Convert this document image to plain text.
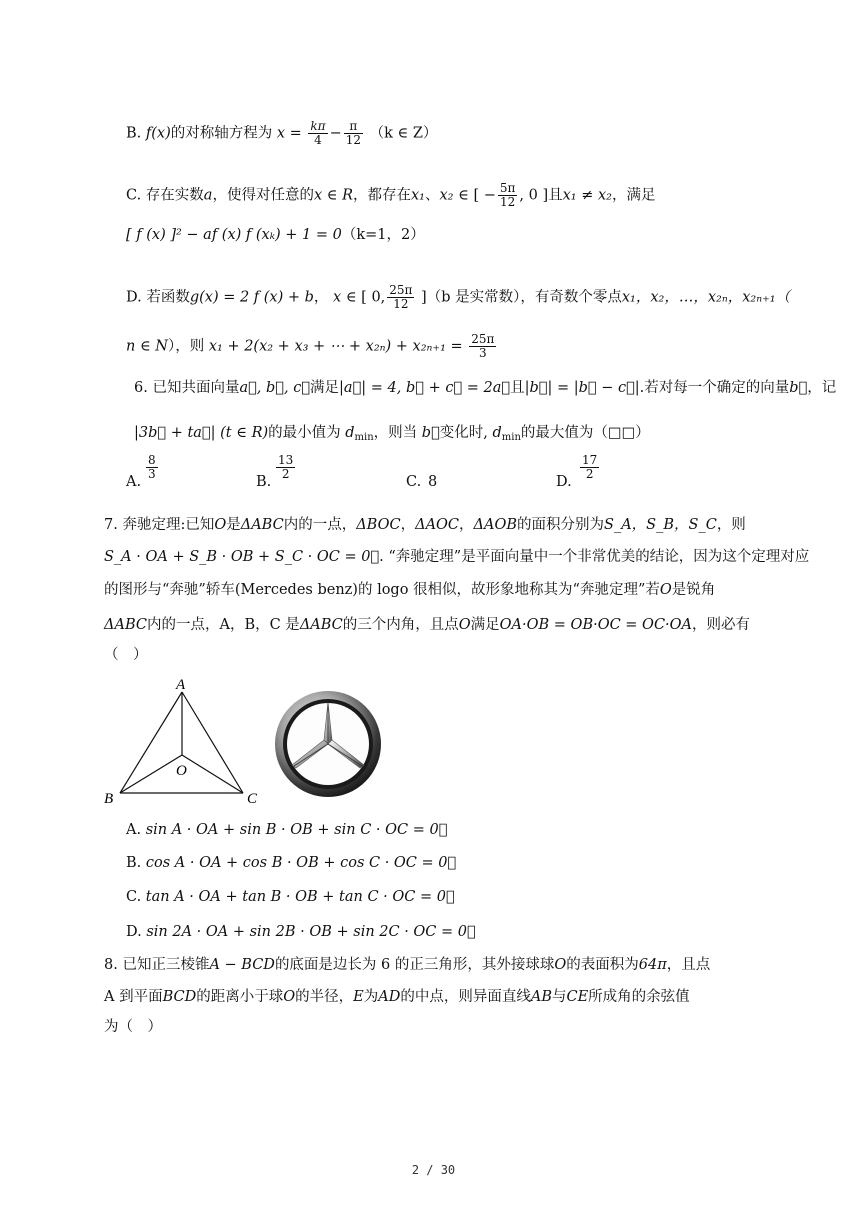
B. f(x)的对称轴方程为 $x = \frac{k\pi}{4} - \frac{\pi}{12} (k$ ∈ Z）
C. 存在实数a，使得对任意的x ∈ R，都存在x₁、x₂ ∈ [ − $\frac{5\pi}{12}$ , 0 ]且x₁ ≠ x₂，满足
[ f (x) ]² − af (x) f (xₖ) + 1 = 0（k=1，2）
D. 若函数g(x) = 2 f (x) + b， x ∈ [ 0, $\frac{25\pi}{12} ](b$ 是实常数），有奇数个零点x₁，x₂，…，x₂ₙ，x₂ₙ₊₁（
n ∈ N），则 x₁ + 2(x₂ + x₃ + ⋯ + $x_{2n}) + x_{2n+1} = \frac{25\pi}{3}$
6. 已知共面向量a⃗, b⃗, c⃗满足|a⃗| = 4, b⃗ + c⃗ = 2a⃗且|b⃗| = |b⃗ − c⃗|.若对每一个确定的向量b⃗，记
|3b⃗ + ta⃗| (t ∈ R)的最小值为 $d_{min}$，则当 b⃗变化时, $d_{min}$的最大值为（□□）
A.
$\frac{8}{3}$
B.
$\frac{13}{2}$
C. 8	D.
$\frac{17}{2}$
7. 奔驰定理:已知O是ΔABC内的一点，ΔBOC，ΔAOC，ΔAOB的面积分别为S_A，S_B，S_C，则
S_A · OA + S_B · OB + S_C · OC = 0⃗. “奔驰定理”是平面向量中一个非常优美的结论，因为这个定理对应
的图形与“奔驰”轿车(Mercedes benz)的 logo 很相似，故形象地称其为“奔驰定理”若O是锐角
ΔABC内的一点，A，B，C 是ΔABC的三个内角，且点O满足OA·OB = OB·OC = OC·OA，则必有
（　）
A
B	C
O
A. sin A · OA + sin B · OB + sin C · OC = 0⃗
B. cos A · OA + cos B · OB + cos C · OC = 0⃗
C. tan A · OA + tan B · OB + tan C · OC = 0⃗
D. sin 2A · OA + sin 2B · OB + sin 2C · OC = 0⃗
8. 已知正三棱锥A − BCD的底面是边长为 6 的正三角形，其外接球球O的表面积为64π，且点
A 到平面BCD的距离小于球O的半径，E为AD的中点，则异面直线AB与CE所成角的余弦值
为（　）
2 / 30
